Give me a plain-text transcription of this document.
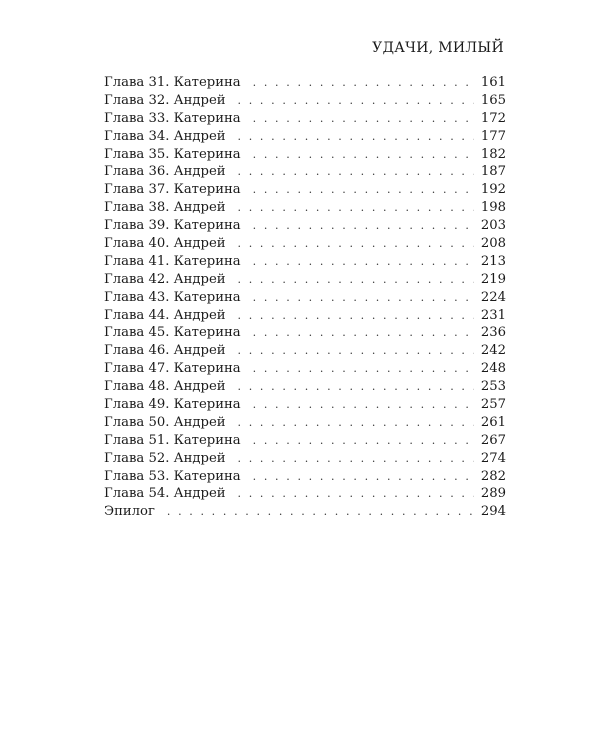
УДАЧИ, МИЛЫЙ
Глава 31. Катерина . . .	161
Глава 32. Андрей . . .	165
Глава 33. Катерина . . .	172
Глава 34. Андрей . . .	177
Глава 35. Катерина . . .	182
Глава 36. Андрей . . .	187
Глава 37. Катерина . . .	192
Глава 38. Андрей . . .	198
Глава 39. Катерина . . .	203
Глава 40. Андрей . . .	208
Глава 41. Катерина . . .	213
Глава 42. Андрей . . .	219
Глава 43. Катерина . . .	224
Глава 44. Андрей . . .	231
Глава 45. Катерина . . .	236
Глава 46. Андрей . . .	242
Глава 47. Катерина . . .	248
Глава 48. Андрей . . .	253
Глава 49. Катерина . . .	257
Глава 50. Андрей . . .	261
Глава 51. Катерина . . .	267
Глава 52. Андрей . . .	274
Глава 53. Катерина . . .	282
Глава 54. Андрей . . .	289
Эпилог . . .	294
